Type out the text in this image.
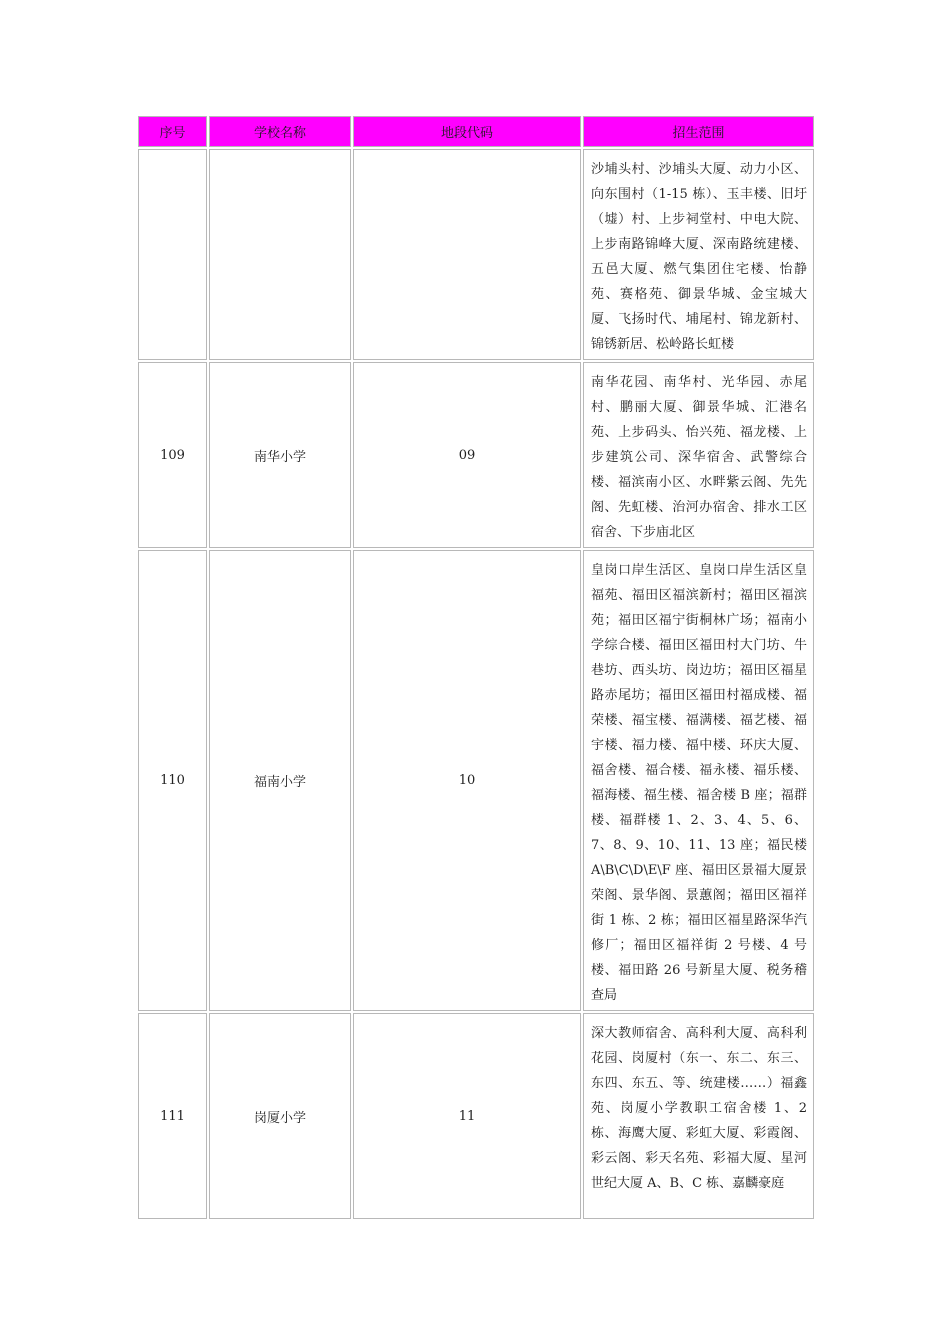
序号	学校名称	地段代码	招生范围
			沙埔头村、沙埔头大厦、动力小区、向东围村（1-15 栋）、玉丰楼、旧圩（墟）村、上步祠堂村、中电大院、上步南路锦峰大厦、深南路统建楼、五邑大厦、燃气集团住宅楼、怡静苑、赛格苑、御景华城、金宝城大厦、飞扬时代、埔尾村、锦龙新村、锦锈新居、松岭路长虹楼
109	南华小学	09	南华花园、南华村、光华园、赤尾村、鹏丽大厦、御景华城、汇港名苑、上步码头、怡兴苑、福龙楼、上步建筑公司、深华宿舍、武警综合楼、福滨南小区、水畔紫云阁、先先阁、先虹楼、治河办宿舍、排水工区宿舍、下步庙北区
110	福南小学	10	皇岗口岸生活区、皇岗口岸生活区皇福苑、福田区福滨新村；福田区福滨苑；福田区福宁街桐林广场；福南小学综合楼、福田区福田村大门坊、牛巷坊、西头坊、岗边坊；福田区福星路赤尾坊；福田区福田村福成楼、福荣楼、福宝楼、福满楼、福艺楼、福宇楼、福力楼、福中楼、环庆大厦、福舍楼、福合楼、福永楼、福乐楼、福海楼、福生楼、福舍楼 B 座；福群楼、福群楼 1、2、3、4、5、6、7、8、9、10、11、13 座；福民楼 A\B\C\D\E\F 座、福田区景福大厦景荣阁、景华阁、景蕙阁；福田区福祥街 1 栋、2 栋；福田区福星路深华汽修厂；福田区福祥街 2 号楼、4 号楼、福田路 26 号新星大厦、税务稽查局
111	岗厦小学	11	深大教师宿舍、高科利大厦、高科利花园、岗厦村（东一、东二、东三、东四、东五、等、统建楼……）福鑫苑、岗厦小学教职工宿舍楼 1、2 栋、海鹰大厦、彩虹大厦、彩霞阁、彩云阁、彩天名苑、彩福大厦、星河世纪大厦 A、B、C 栋、嘉麟豪庭
